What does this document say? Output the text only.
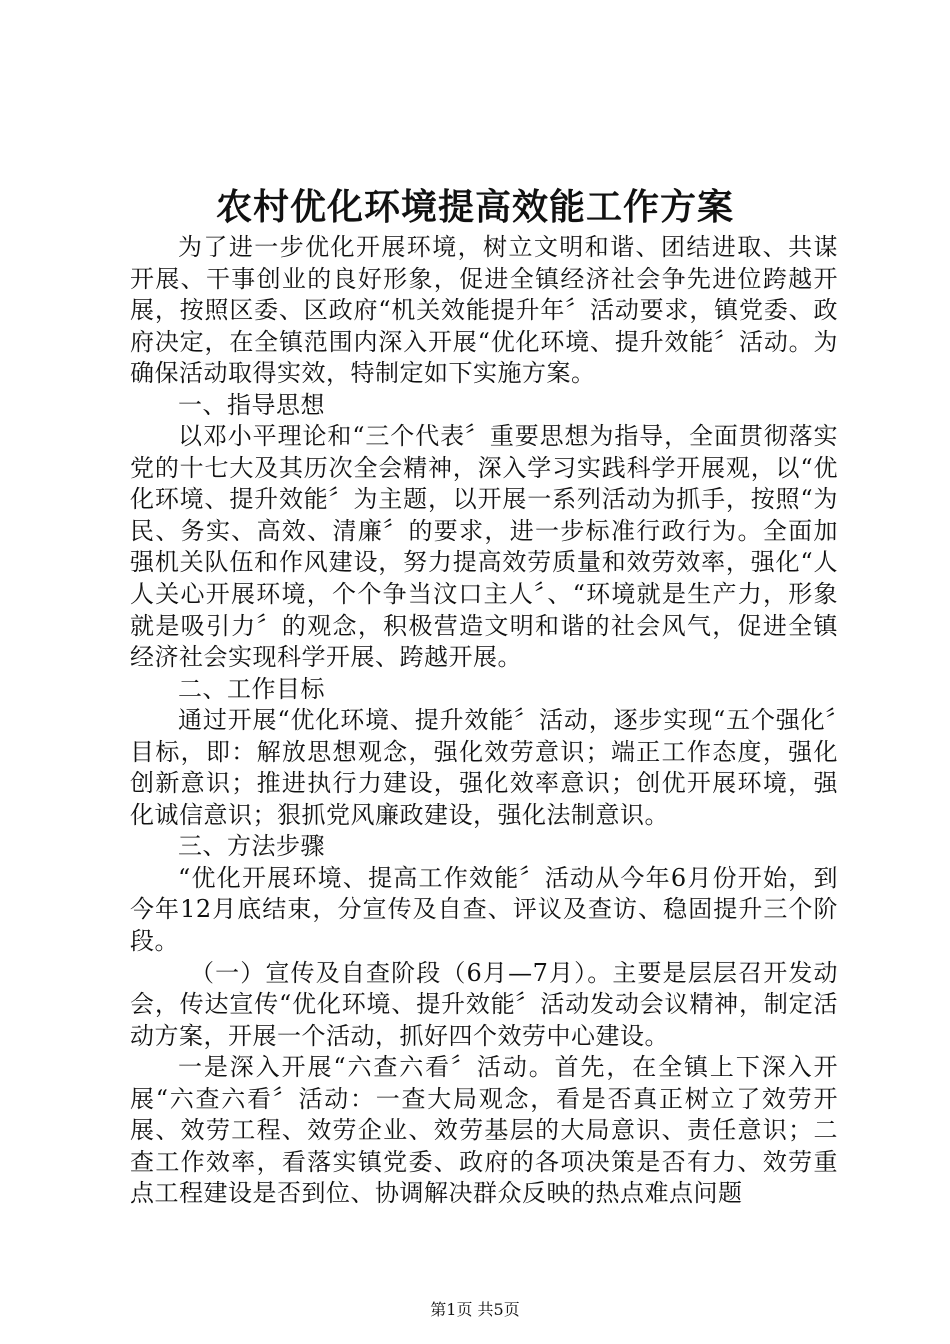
农村优化环境提高效能工作方案

为了进一步优化开展环境，树立文明和谐、团结进取、共谋开展、干事创业的良好形象，促进全镇经济社会争先进位跨越开展，按照区委、区政府“机关效能提升年〞活动要求，镇党委、政府决定，在全镇范围内深入开展“优化环境、提升效能〞活动。为确保活动取得实效，特制定如下实施方案。

一、指导思想

以邓小平理论和“三个代表〞重要思想为指导，全面贯彻落实党的十七大及其历次全会精神，深入学习实践科学开展观，以“优化环境、提升效能〞为主题，以开展一系列活动为抓手，按照“为民、务实、高效、清廉〞的要求，进一步标准行政行为。全面加强机关队伍和作风建设，努力提高效劳质量和效劳效率，强化“人人关心开展环境，个个争当汶口主人〞、“环境就是生产力，形象就是吸引力〞的观念，积极营造文明和谐的社会风气，促进全镇经济社会实现科学开展、跨越开展。

二、工作目标

通过开展“优化环境、提升效能〞活动，逐步实现“五个强化〞目标，即：解放思想观念，强化效劳意识；端正工作态度，强化创新意识；推进执行力建设，强化效率意识；创优开展环境，强化诚信意识；狠抓党风廉政建设，强化法制意识。

三、方法步骤

“优化开展环境、提高工作效能〞活动从今年6月份开始，到今年12月底结束，分宣传及自查、评议及查访、稳固提升三个阶段。

（一）宣传及自查阶段（6月—7月）。主要是层层召开发动会，传达宣传“优化环境、提升效能〞活动发动会议精神，制定活动方案，开展一个活动，抓好四个效劳中心建设。

一是深入开展“六查六看〞活动。首先，在全镇上下深入开展“六查六看〞活动：一查大局观念，看是否真正树立了效劳开展、效劳工程、效劳企业、效劳基层的大局意识、责任意识；二查工作效率，看落实镇党委、政府的各项决策是否有力、效劳重点工程建设是否到位、协调解决群众反映的热点难点问题

第1页 共5页
